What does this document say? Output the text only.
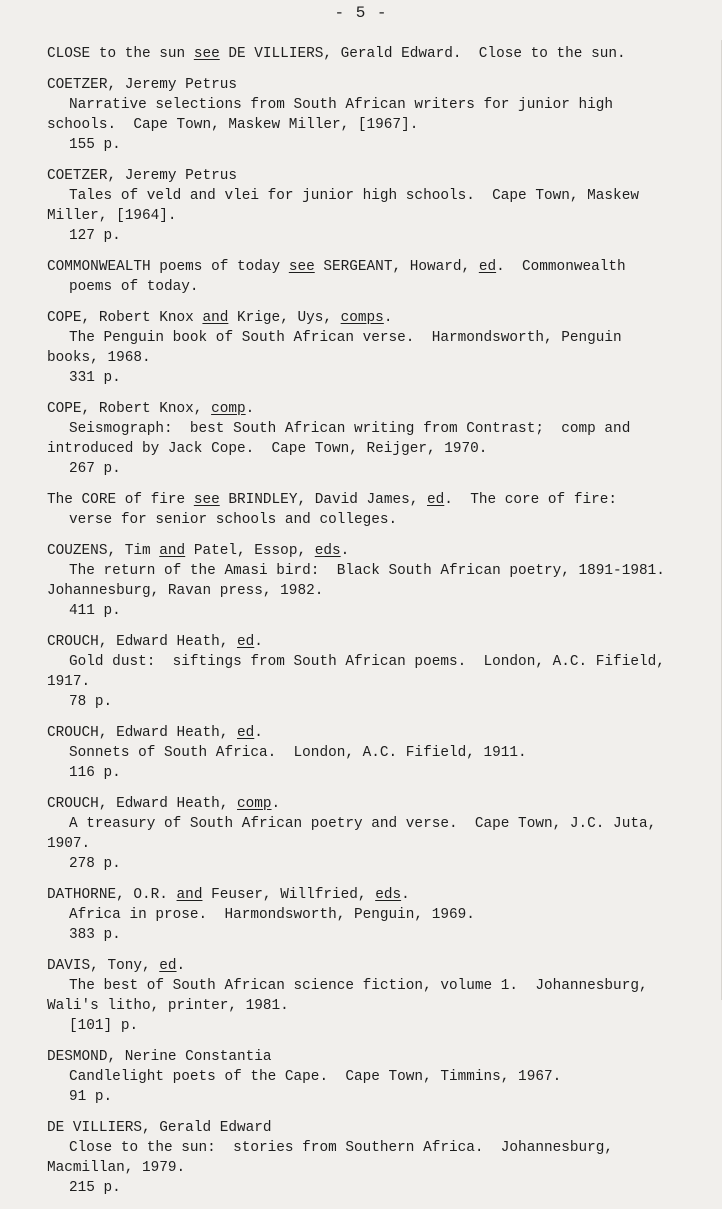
- 5 -
CLOSE to the sun see DE VILLIERS, Gerald Edward.  Close to the sun.
COETZER, Jeremy Petrus
Narrative selections from South African writers for junior high
schools.  Cape Town, Maskew Miller, [1967].
155 p.
COETZER, Jeremy Petrus
Tales of veld and vlei for junior high schools.  Cape Town, Maskew
Miller, [1964].
127 p.
COMMONWEALTH poems of today see SERGEANT, Howard, ed.  Commonwealth
poems of today.
COPE, Robert Knox and Krige, Uys, comps.
The Penguin book of South African verse.  Harmondsworth, Penguin
books, 1968.
331 p.
COPE, Robert Knox, comp.
Seismograph:  best South African writing from Contrast;  comp and
introduced by Jack Cope.  Cape Town, Reijger, 1970.
267 p.
The CORE of fire see BRINDLEY, David James, ed.  The core of fire:
verse for senior schools and colleges.
COUZENS, Tim and Patel, Essop, eds.
The return of the Amasi bird:  Black South African poetry, 1891-1981.
Johannesburg, Ravan press, 1982.
411 p.
CROUCH, Edward Heath, ed.
Gold dust:  siftings from South African poems.  London, A.C. Fifield,
1917.
78 p.
CROUCH, Edward Heath, ed.
Sonnets of South Africa.  London, A.C. Fifield, 1911.
116 p.
CROUCH, Edward Heath, comp.
A treasury of South African poetry and verse.  Cape Town, J.C. Juta,
1907.
278 p.
DATHORNE, O.R. and Feuser, Willfried, eds.
Africa in prose.  Harmondsworth, Penguin, 1969.
383 p.
DAVIS, Tony, ed.
The best of South African science fiction, volume 1.  Johannesburg,
Wali's litho, printer, 1981.
[101] p.
DESMOND, Nerine Constantia
Candlelight poets of the Cape.  Cape Town, Timmins, 1967.
91 p.
DE VILLIERS, Gerald Edward
Close to the sun:  stories from Southern Africa.  Johannesburg,
Macmillan, 1979.
215 p.
